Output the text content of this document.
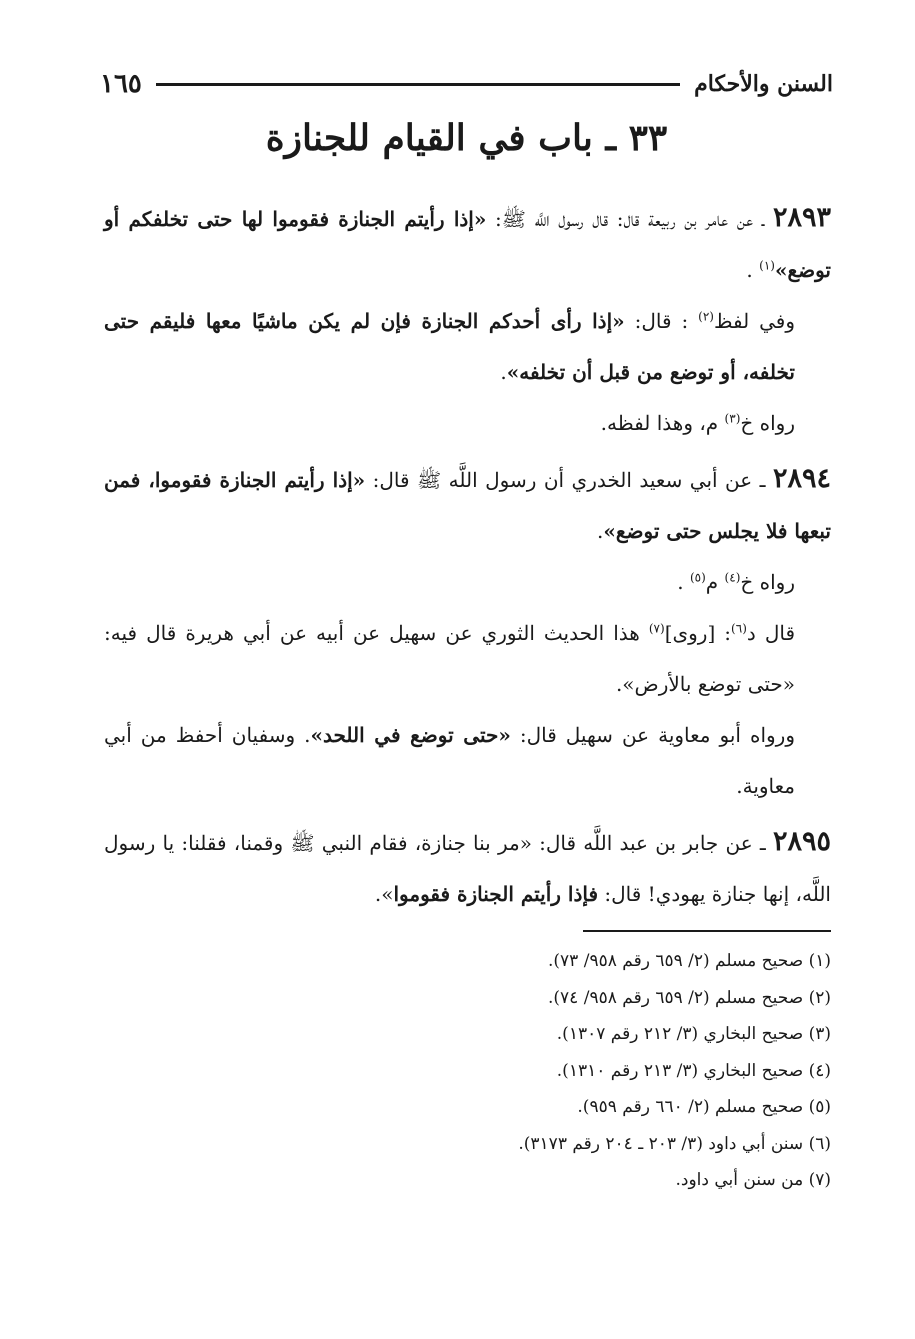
السنن والأحكام
١٦٥
٣٣ ـ باب في القيام للجنازة

٢٨٩٣ ـ عن عامر بن ربيعة قال: قال رسول اللَّه ﷺ: «إذا رأيتم الجنازة فقوموا لها حتى تخلفكم أو توضع»$^{(١)}$ .

وفي لفظ$^{(٢)}$ : قال: «إذا رأى أحدكم الجنازة فإن لم يكن ماشيًا معها فليقم حتى تخلفه، أو توضع من قبل أن تخلفه».

رواه خ$^{(٣)}$ م، وهذا لفظه.

٢٨٩٤ ـ عن أبي سعيد الخدري أن رسول اللَّه ﷺ قال: «إذا رأيتم الجنازة فقوموا، فمن تبعها فلا يجلس حتى توضع».

رواه خ$^{(٤)}$ م$^{(٥)}$ .

قال د$^{(٦)}$: [روى]$^{(٧)}$ هذا الحديث الثوري عن سهيل عن أبيه عن أبي هريرة قال فيه: «حتى توضع بالأرض».

ورواه أبو معاوية عن سهيل قال: «حتى توضع في اللحد». وسفيان أحفظ من أبي معاوية.

٢٨٩٥ ـ عن جابر بن عبد اللَّه قال: «مر بنا جنازة، فقام النبي ﷺ وقمنا، فقلنا: يا رسول اللَّه، إنها جنازة يهودي! قال: فإذا رأيتم الجنازة فقوموا».

(١) صحيح مسلم (٢/ ٦٥٩ رقم ٩٥٨/ ٧٣).
(٢) صحيح مسلم (٢/ ٦٥٩ رقم ٩٥٨/ ٧٤).
(٣) صحيح البخاري (٣/ ٢١٢ رقم ١٣٠٧).
(٤) صحيح البخاري (٣/ ٢١٣ رقم ١٣١٠).
(٥) صحيح مسلم (٢/ ٦٦٠ رقم ٩٥٩).
(٦) سنن أبي داود (٣/ ٢٠٣ ـ ٢٠٤ رقم ٣١٧٣).
(٧) من سنن أبي داود.
